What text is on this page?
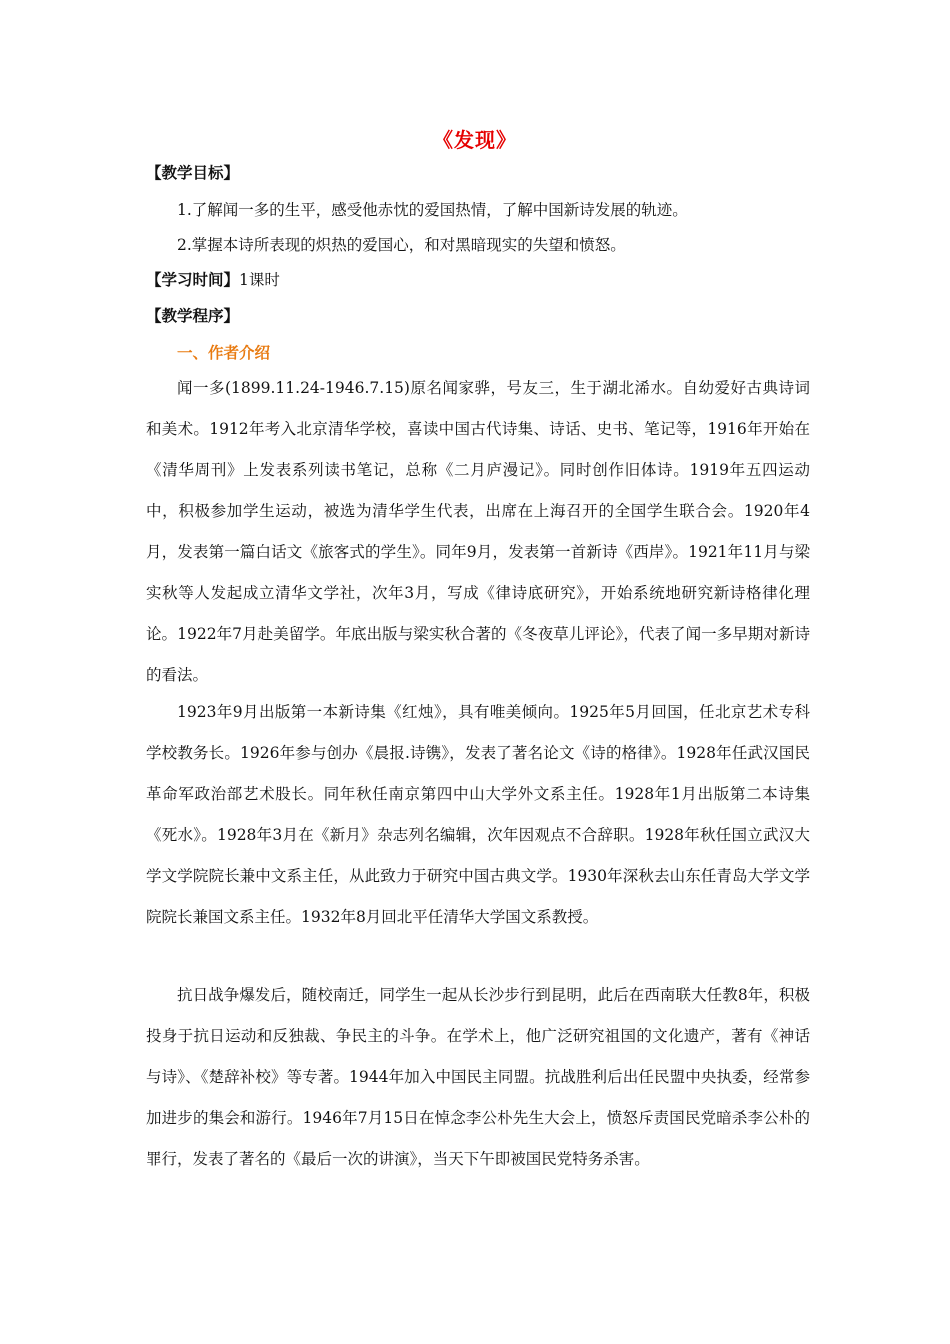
《发现》
【教学目标】
1.了解闻一多的生平，感受他赤忱的爱国热情，了解中国新诗发展的轨迹。
2.掌握本诗所表现的炽热的爱国心，和对黑暗现实的失望和愤怒。
【学习时间】1课时
【教学程序】
一、作者介绍

闻一多(1899.11.24-1946.7.15)原名闻家骅，号友三，生于湖北浠水。自幼爱好古典诗词和美术。1912年考入北京清华学校，喜读中国古代诗集、诗话、史书、笔记等，1916年开始在《清华周刊》上发表系列读书笔记，总称《二月庐漫记》。同时创作旧体诗。1919年五四运动中，积极参加学生运动，被选为清华学生代表，出席在上海召开的全国学生联合会。1920年4月，发表第一篇白话文《旅客式的学生》。同年9月，发表第一首新诗《西岸》。1921年11月与梁实秋等人发起成立清华文学社，次年3月，写成《律诗底研究》，开始系统地研究新诗格律化理论。1922年7月赴美留学。年底出版与梁实秋合著的《冬夜草儿评论》，代表了闻一多早期对新诗的看法。

1923年9月出版第一本新诗集《红烛》，具有唯美倾向。1925年5月回国，任北京艺术专科学校教务长。1926年参与创办《晨报.诗镌》，发表了著名论文《诗的格律》。1928年任武汉国民革命军政治部艺术股长。同年秋任南京第四中山大学外文系主任。1928年1月出版第二本诗集《死水》。1928年3月在《新月》杂志列名编辑，次年因观点不合辞职。1928年秋任国立武汉大学文学院院长兼中文系主任，从此致力于研究中国古典文学。1930年深秋去山东任青岛大学文学院院长兼国文系主任。1932年8月回北平任清华大学国文系教授。

抗日战争爆发后，随校南迁，同学生一起从长沙步行到昆明，此后在西南联大任教8年，积极投身于抗日运动和反独裁、争民主的斗争。在学术上，他广泛研究祖国的文化遗产，著有《神话与诗》、《楚辞补校》等专著。1944年加入中国民主同盟。抗战胜利后出任民盟中央执委，经常参加进步的集会和游行。1946年7月15日在悼念李公朴先生大会上，愤怒斥责国民党暗杀李公朴的罪行，发表了著名的《最后一次的讲演》，当天下午即被国民党特务杀害。
